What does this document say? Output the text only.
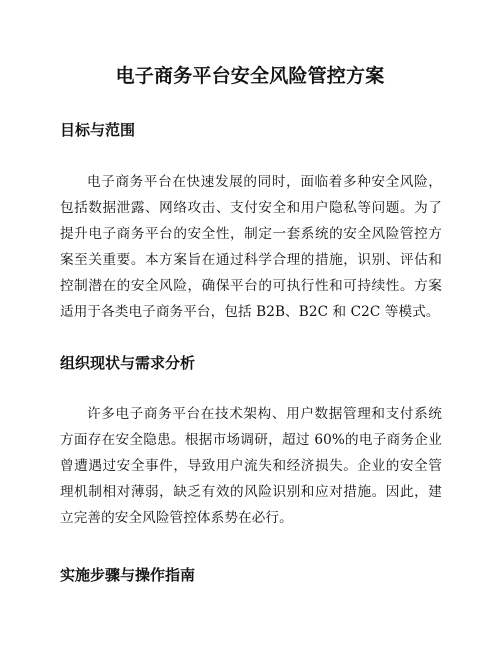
电子商务平台安全风险管控方案
目标与范围

电子商务平台在快速发展的同时，面临着多种安全风险，包括数据泄露、网络攻击、支付安全和用户隐私等问题。为了提升电子商务平台的安全性，制定一套系统的安全风险管控方案至关重要。本方案旨在通过科学合理的措施，识别、评估和控制潜在的安全风险，确保平台的可执行性和可持续性。方案适用于各类电子商务平台，包括 B2B、B2C 和 C2C 等模式。

组织现状与需求分析

许多电子商务平台在技术架构、用户数据管理和支付系统方面存在安全隐患。根据市场调研，超过 60%的电子商务企业曾遭遇过安全事件，导致用户流失和经济损失。企业的安全管理机制相对薄弱，缺乏有效的风险识别和应对措施。因此，建立完善的安全风险管控体系势在必行。

实施步骤与操作指南
